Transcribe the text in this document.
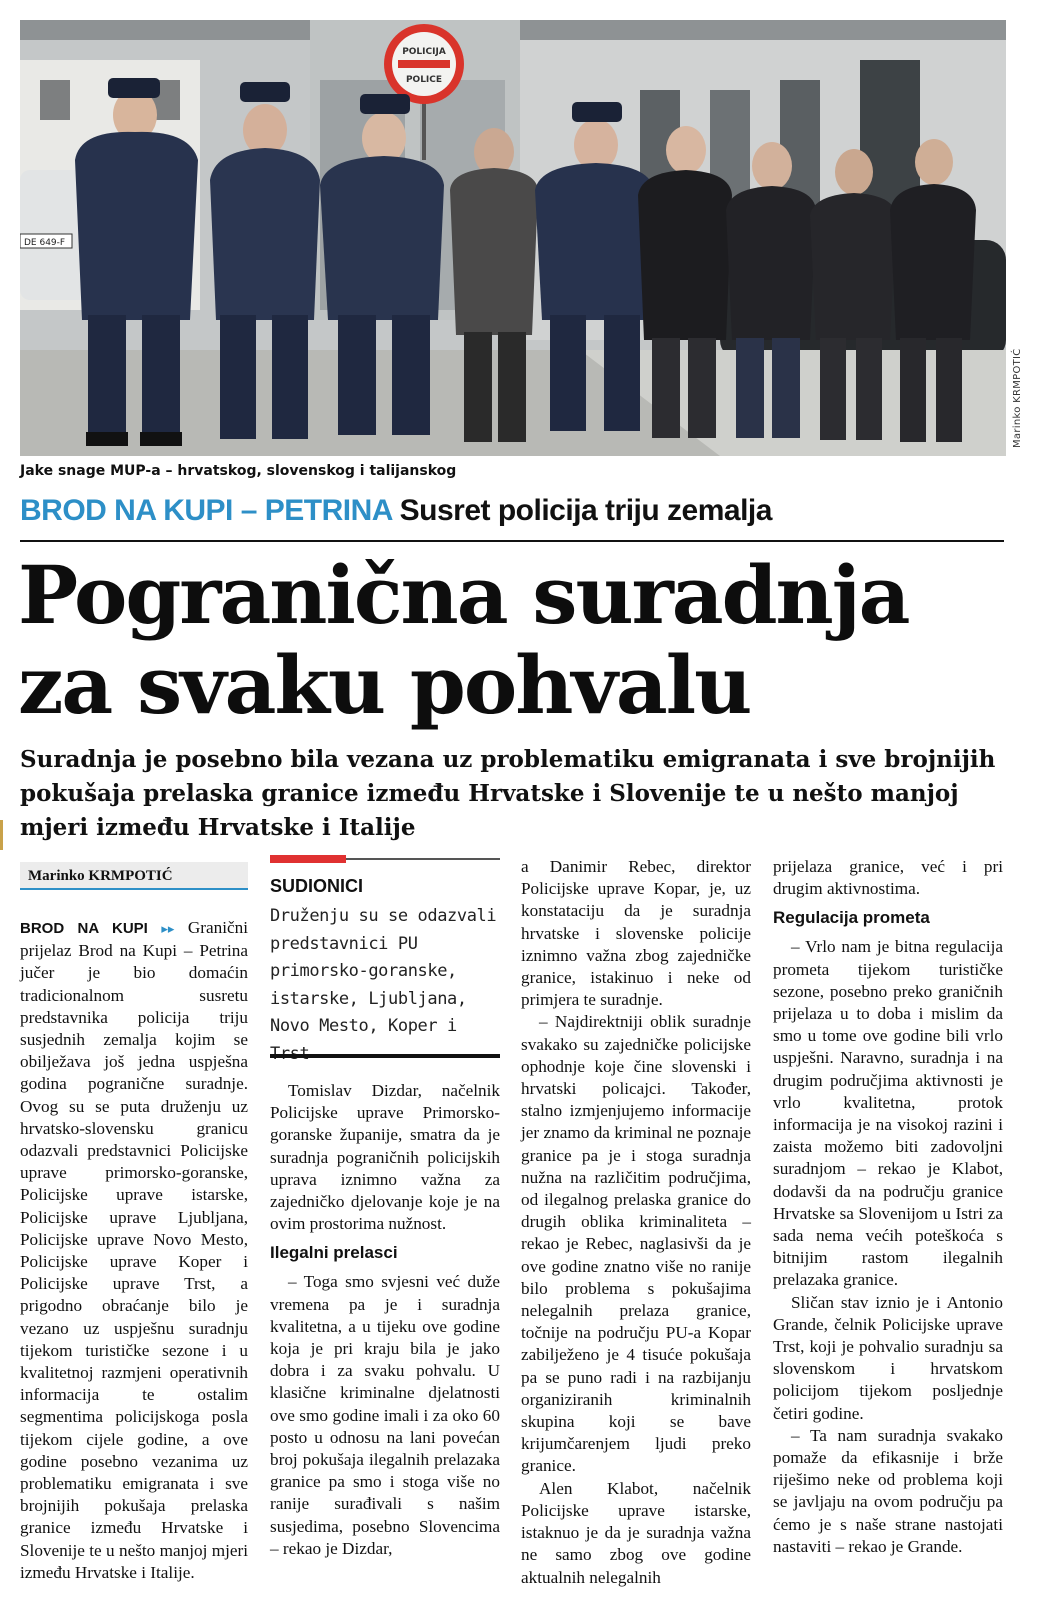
DE 649-F
POLICIJA
POLICE
Marinko KRMPOTIĆ
Jake snage MUP-a – hrvatskog, slovenskog i talijanskog
BROD NA KUPI – PETRINA Susret policija triju zemalja
Pogranična suradnja
za svaku pohvalu

Suradnja je posebno bila vezana uz problematiku emigranata i sve brojnijih pokušaja prelaska granice između Hrvatske i Slovenije te u nešto manjoj mjeri između Hrvatske i Italije

Marinko KRMPOTIĆ

BROD NA KUPI ▸▸ Granični prijelaz Brod na Kupi – Petrina jučer je bio domaćin tradicionalnom susretu predstavnika policija triju susjednih zemalja kojim se obilježava još jedna uspješna godina pogranične suradnje. Ovog su se puta druženju uz hrvatsko-slovensku granicu odazvali predstavnici Policijske uprave primorsko-goranske, Policijske uprave istarske, Policijske uprave Ljubljana, Policijske uprave Novo Mesto, Policijske uprave Koper i Policijske uprave Trst, a prigodno obraćanje bilo je vezano uz uspješnu suradnju tijekom turističke sezone i u kvalitetnoj razmjeni operativnih informacija te ostalim segmentima policijskoga posla tijekom cijele godine, a ove godine posebno vezanima uz problematiku emigranata i sve brojnijih pokušaja prelaska granice između Hrvatske i Slovenije te u nešto manjoj mjeri između Hrvatske i Italije.

SUDIONICI
Druženju su se odazvali predstavnici PU primorsko-goranske, istarske, Ljubljana, Novo Mesto, Koper i

Tomislav Dizdar, načelnik Policijske uprave Primorsko-goranske županije, smatra da je suradnja pograničnih policijskih uprava iznimno važna za zajedničko djelovanje koje je na ovim prostorima nužnost.

Ilegalni prelasci

– Toga smo svjesni već duže vremena pa je i suradnja kvalitetna, a u tijeku ove godine koja je pri kraju bila je jako dobra i za svaku pohvalu. U klasične kriminalne djelatnosti ove smo godine imali i za oko 60 posto u odnosu na lani povećan broj pokušaja ilegalnih prelazaka granice pa smo i stoga više no ranije surađivali s našim susjedima, posebno Slovencima – rekao je Dizdar,

a Danimir Rebec, direktor Policijske uprave Kopar, je, uz konstataciju da je suradnja hrvatske i slovenske policije iznimno važna zbog zajedničke granice, istakinuo i neke od primjera te suradnje.

– Najdirektniji oblik suradnje svakako su zajedničke policijske ophodnje koje čine slovenski i hrvatski policajci. Također, stalno izmjenjujemo informacije jer znamo da kriminal ne poznaje granice pa je i stoga suradnja nužna na različitim područjima, od ilegalnog prelaska granice do drugih oblika kriminaliteta – rekao je Rebec, naglasivši da je ove godine znatno više no ranije bilo problema s pokušajima nelegalnih prelaza granice, točnije na području PU-a Kopar zabilježeno je 4 tisuće pokušaja pa se puno radi i na razbijanju organiziranih kriminalnih skupina koji se bave krijumčarenjem ljudi preko granice.

Alen Klabot, načelnik Policijske uprave istarske, istaknuo je da je suradnja važna ne samo zbog ove godine aktualnih nelegalnih

prijelaza granice, već i pri drugim aktivnostima.

Regulacija prometa

– Vrlo nam je bitna regulacija prometa tijekom turističke sezone, posebno preko graničnih prijelaza u to doba i mislim da smo u tome ove godine bili vrlo uspješni. Naravno, suradnja i na drugim područjima aktivnosti je vrlo kvalitetna, protok informacija je na visokoj razini i zaista možemo biti zadovoljni suradnjom – rekao je Klabot, dodavši da na području granice Hrvatske sa Slovenijom u Istri za sada nema većih poteškoća s bitnijim rastom ilegalnih prelazaka granice.

Sličan stav iznio je i Antonio Grande, čelnik Policijske uprave Trst, koji je pohvalio suradnju sa slovenskom i hrvatskom policijom tijekom posljednje četiri godine.

– Ta nam suradnja svakako pomaže da efikasnije i brže riješimo neke od problema koji se javljaju na ovom području pa ćemo je s naše strane nastojati nastaviti – rekao je Grande.
